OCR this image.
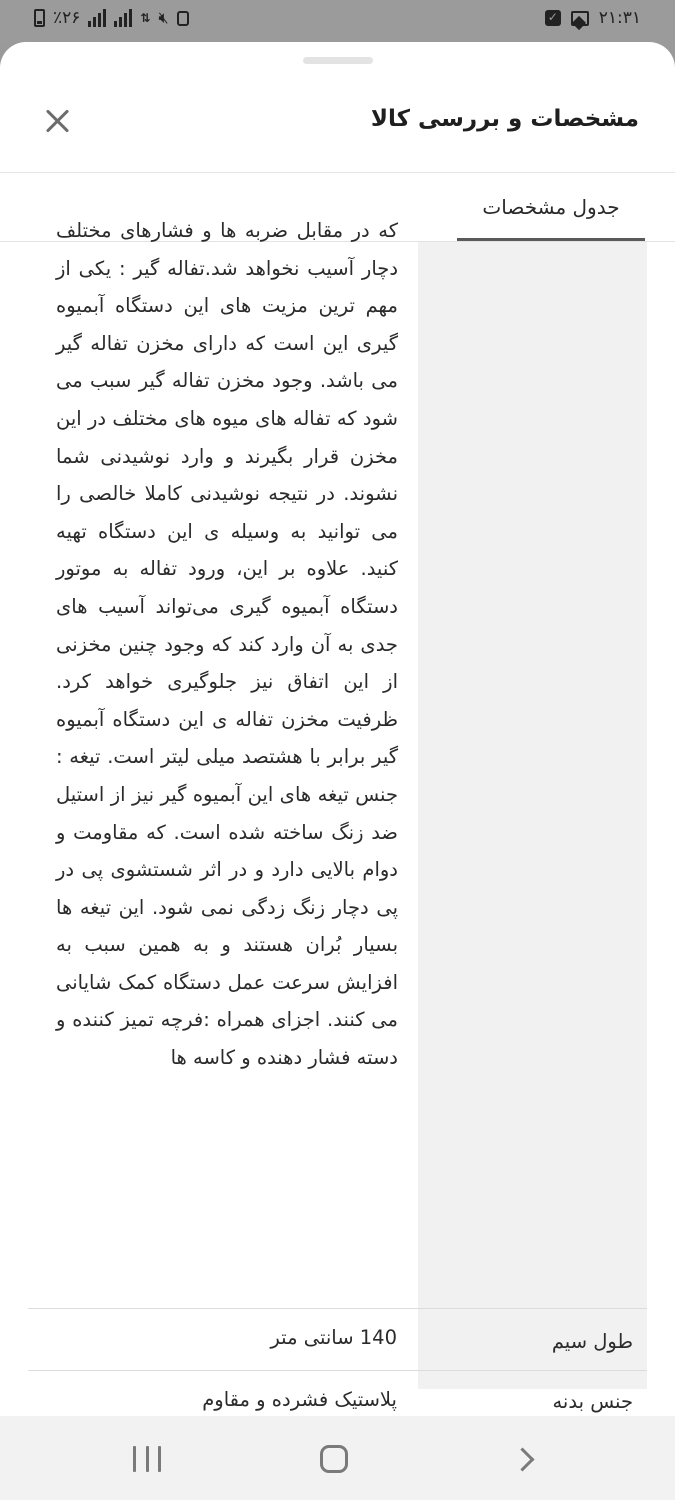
٪۲۶	⇅ 🔇︎
✓	۲۱:۳۱
مشخصات و بررسی کالا
جدول مشخصات
که در مقابل ضربه ها و فشارهای مختلف دچار آسیب نخواهد شد.تفاله گیر : یکی از مهم ترین مزیت های این دستگاه آبمیوه گیری این است که دارای مخزن تفاله گیر می باشد. وجود مخزن تفاله گیر سبب می شود که تفاله های میوه های مختلف در این مخزن قرار بگیرند و وارد نوشیدنی شما نشوند. در نتیجه نوشیدنی کاملا خالصی را می توانید به وسیله ی این دستگاه تهیه کنید. علاوه بر این، ورود تفاله به موتور دستگاه آبمیوه گیری می‌تواند آسیب های جدی به آن وارد کند که وجود چنین مخزنی از این اتفاق نیز جلوگیری خواهد کرد. ظرفیت مخزن تفاله ی این دستگاه آبمیوه گیر برابر با هشتصد میلی لیتر است. تیغه : جنس تیغه های این آبمیوه گیر نیز از استیل ضد زنگ ساخته شده است. که مقاومت و دوام بالایی دارد و در اثر شستشوی پی در پی دچار زنگ زدگی نمی شود. این تیغه ها بسیار بُران هستند و به همین سبب به افزایش سرعت عمل دستگاه کمک شایانی می کنند. اجزای همراه :فرچه تمیز کننده و دسته فشار دهنده و کاسه ها
طول سیم
140 سانتی متر
جنس بدنه
پلاستیک فشرده و مقاوم
